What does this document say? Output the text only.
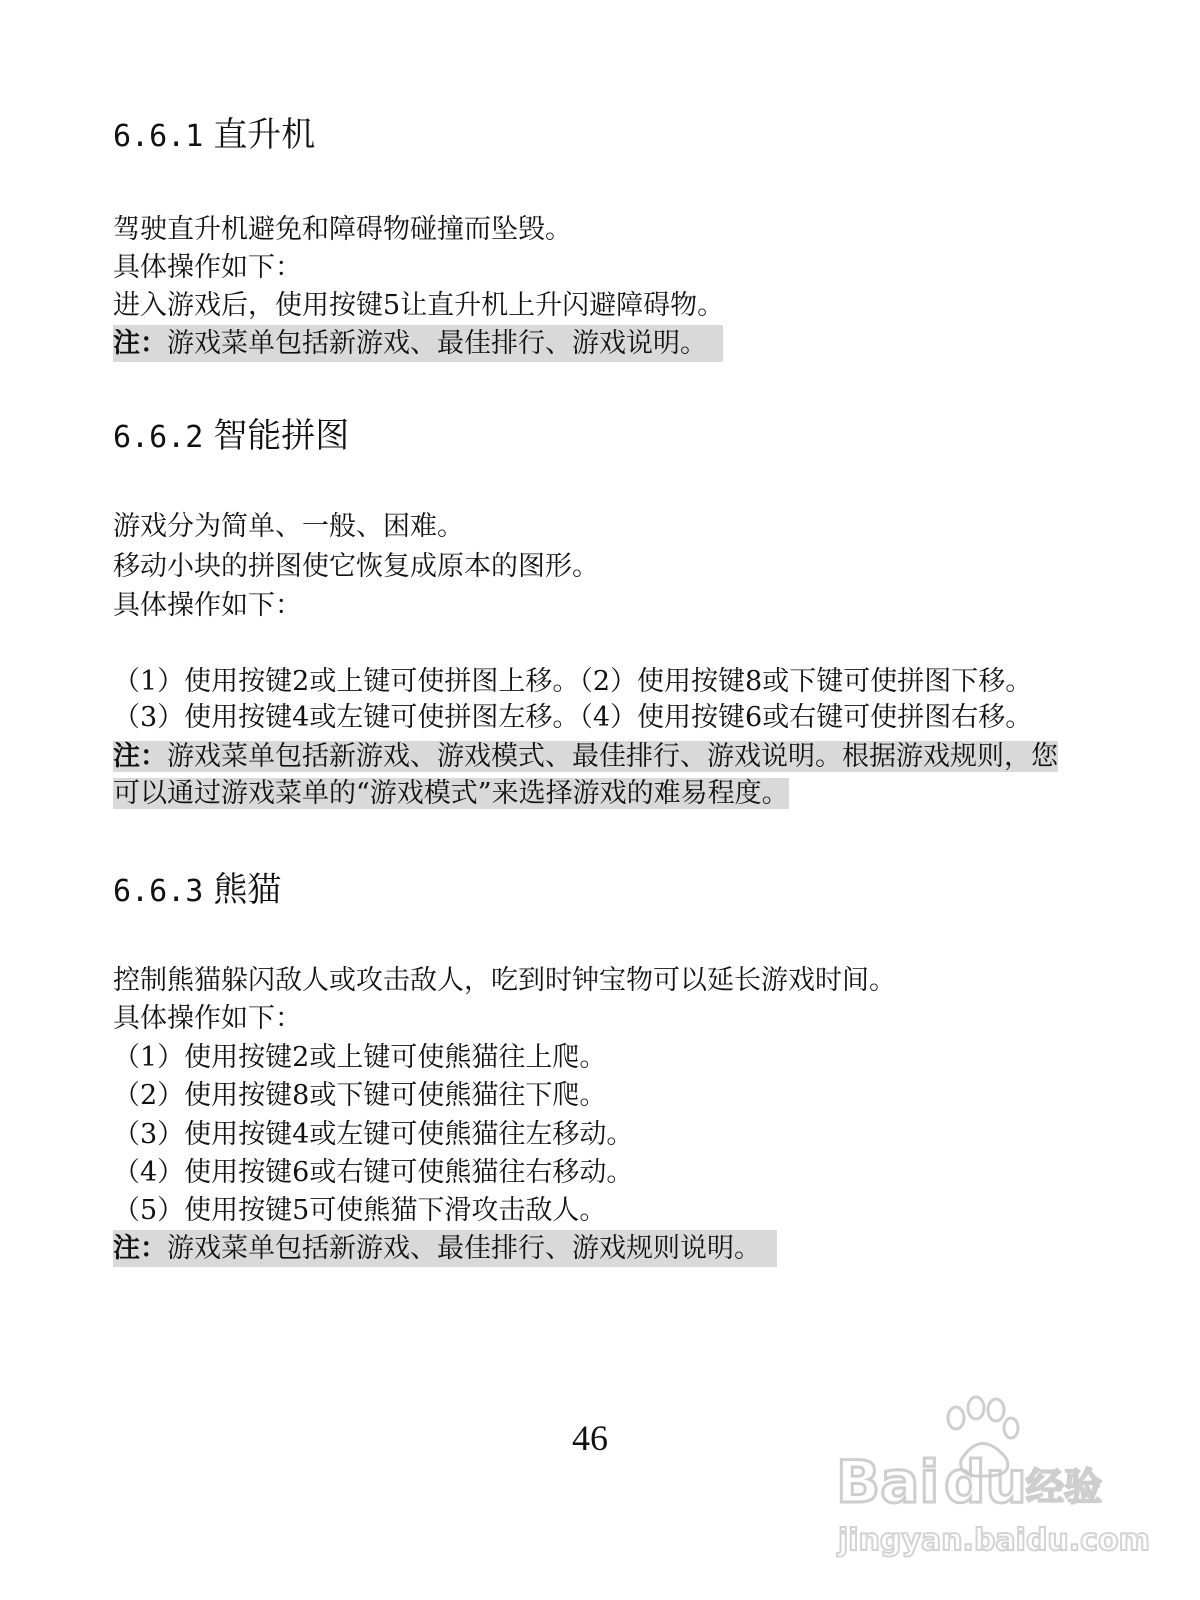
6.6.1 直升机

驾驶直升机避免和障碍物碰撞而坠毁。

具体操作如下：

进入游戏后，使用按键5让直升机上升闪避障碍物。

注：游戏菜单包括新游戏、最佳排行、游戏说明。
6.6.2 智能拼图

游戏分为简单、一般、困难。

移动小块的拼图使它恢复成原本的图形。

具体操作如下：

（1）使用按键2或上键可使拼图上移。（2）使用按键8或下键可使拼图下移。

（3）使用按键4或左键可使拼图左移。（4）使用按键6或右键可使拼图右移。

注：游戏菜单包括新游戏、游戏模式、最佳排行、游戏说明。根据游戏规则，您可以通过游戏菜单的“游戏模式”来选择游戏的难易程度。

6.6.3 熊猫

控制熊猫躲闪敌人或攻击敌人，吃到时钟宝物可以延长游戏时间。

具体操作如下：

（1）使用按键2或上键可使熊猫往上爬。

（2）使用按键8或下键可使熊猫往下爬。

（3）使用按键4或左键可使熊猫往左移动。

（4）使用按键6或右键可使熊猫往右移动。

（5）使用按键5可使熊猫下滑攻击敌人。

注：游戏菜单包括新游戏、最佳排行、游戏规则说明。
46
Bai du 经验
jingyan.baidu.com
